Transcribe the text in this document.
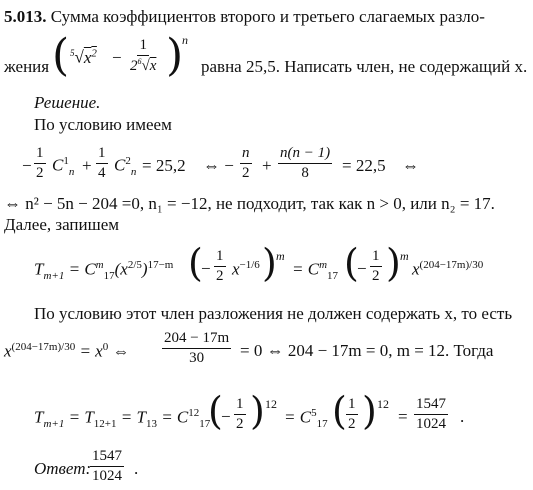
5.013. Сумма коэффициентов второго и третьего слагаемых разло-
жения ( $^5√x^2 - \frac{1}{2^6√x}$ )
n
равна 25,5. Написать член, не содержащий x.
Решение.
По условию имеем
− $\frac{1}{2} C^1_n + \frac{1}{4} C^2_n = 25,2$ ⇔ − $\frac{n}{2} + \frac{n(n - 1)}{8} = 22,5$ ⇔
⇔ n² − 5n − 204 =0, n₁ = −12, не подходит, так как n > 0, или n₂ = 17.
Далее, запишем
$T_{m+1} = C^m_{17}(x^{2/5})^{17-m}$ (
− $\frac{1}{2} x^{-1/6}$ ) m
= $C^m_{17}$ (
− $\frac{1}{2}$ ) m
$x^{(204-17m)/30}$
По условию этот член разложения не должен содержать x, то есть
$x^{(204-17m)/30} = x^0$ ⇔ $\frac{204 - 17m}{30} = 0$ ⇔ 204 − 17m = 0, m = 12. Тогда
$T_{m+1} = T_{12+1} = T_{13} = C^{12}_{17}$
(
− $\frac{1}{2}$ ) 12
= $C^5_{17}$ ( $\frac{1}{2}$ ) 12
= $\frac{1547}{1024}$ .
Ответ:
$\frac{1547}{1024}$ .
